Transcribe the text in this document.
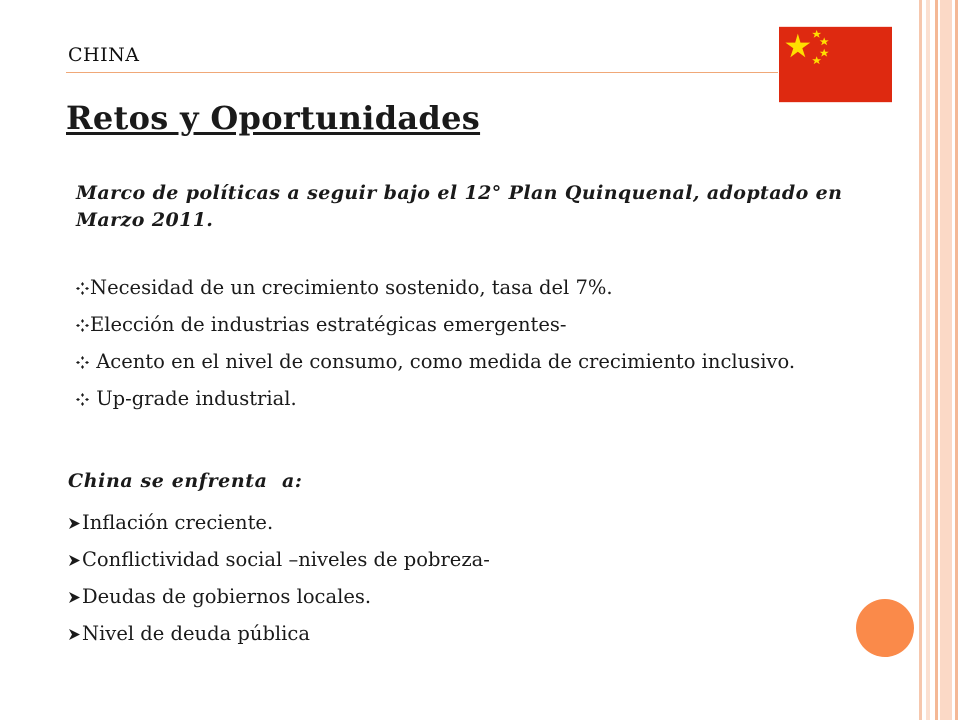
CHINA
Retos y Oportunidades
Marco de políticas a seguir bajo el 12° Plan Quinquenal, adoptado en Marzo 2011.
Necesidad de un crecimiento sostenido, tasa del 7%.
Elección de industrias estratégicas emergentes-
Acento en el nivel de consumo, como medida de crecimiento inclusivo.
Up-grade industrial.
China se enfrenta  a:
Inflación creciente.
Conflictividad social –niveles de pobreza-
Deudas de gobiernos locales.
Nivel de deuda pública
